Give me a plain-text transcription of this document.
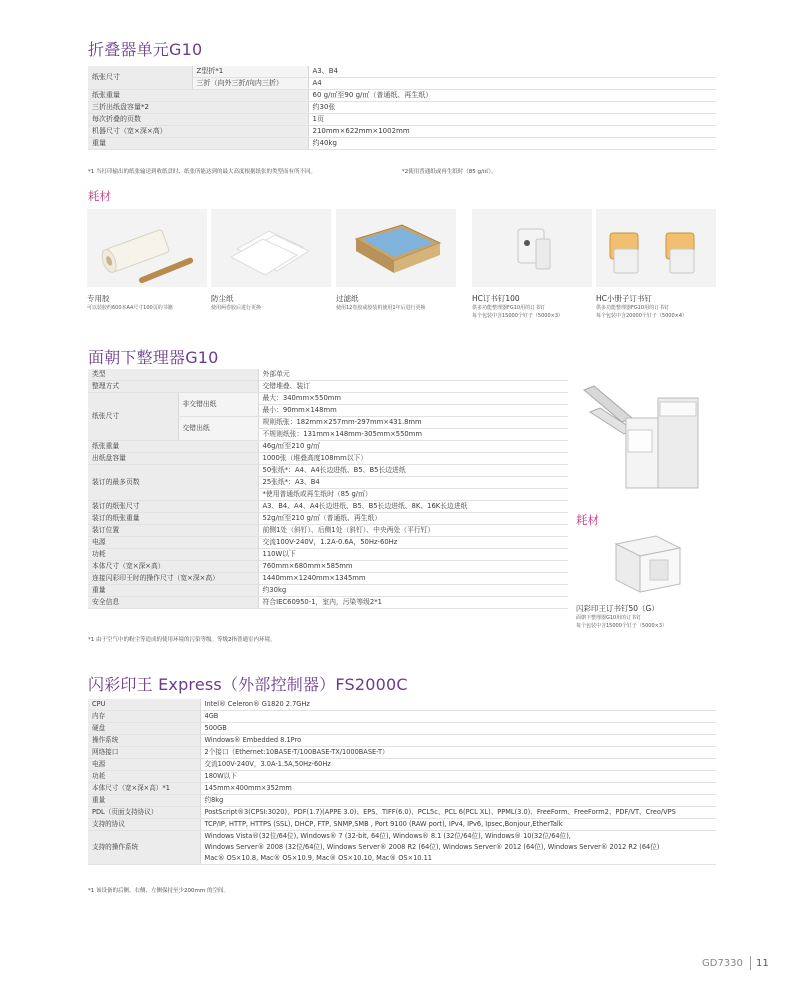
折叠器单元G10
纸张尺寸	Z型折*1	A3、B4
	三折（向外三折/向内三折）	A4
纸张重量		60 g/㎡至90 g/㎡（普通纸、再生纸）
三折出纸盘容量*2		约30张
每次折叠的页数		1页
机器尺寸（宽×深×高）		210mm×622mm×1002mm
重量		约40kg
*1 当打印输出的纸张输送到收纸盘时、纸张所能达到的最大高度根据纸张的类型而有所不同。	*2使用普通纸或再生纸时（85 g/㎡）。
耗材
专用胶
可以装胶约600本A4尺寸100页的书籍
防尘纸
使用两卷胶后进行更换
过滤纸
使用12卷胶或胶装机使用1年后进行更换
HC订书钉100
供多功能整理器FG10用的订书钉
每个包装中含15000个钉子（5000×3）
HC小册子订书钉
供多功能整理器FG10用的订书钉
每个包装中含20000个钉子（5000×4）
面朝下整理器G10
类型		外部单元
整理方式		交错堆叠、装订
纸张尺寸	非交错出纸	最大：340mm×550mm
		最小：90mm×148mm
	交错出纸	规则纸张：182mm×257mm-297mm×431.8mm
		不规则纸张：131mm×148mm-305mm×550mm
纸张重量		46g/㎡至210 g/㎡
出纸盘容量		1000张（堆叠高度108mm以下）
装订的最多页数		50张纸*：A4、A4长边进纸、B5、B5长边进纸
		25张纸*：A3、B4
		*使用普通纸或再生纸时（85 g/㎡）
装订的纸张尺寸		A3、B4、A4、A4长边进纸、B5、B5长边进纸、8K、16K长边进纸
装订的纸张重量		52g/㎡至210 g/㎡（普通纸、再生纸）
装订位置		前侧1处（斜钉）、后侧1处（斜钉）、中央两处（平行钉）
电源		交流100V-240V，1.2A-0.6A，50Hz-60Hz
功耗		110W以下
本体尺寸（宽×深×高）		760mm×680mm×585mm
连接闪彩印王时的操作尺寸（宽×深×高）		1440mm×1240mm×1345mm
重量		约30kg
安全信息		符合IEC60950-1，室内，污染等级2*1
*1 由于空气中的粉尘等造成的使用环境的污染等级。等级2指普通室内环境。
耗材
闪彩印王订书钉50（G）
面朝下整理器G10用的订书钉
每个包装中含15000个钉子（5000×3）
闪彩印王 Express（外部控制器）FS2000C
CPU	Intel® Celeron® G1820 2.7GHz
内存	4GB
硬盘	500GB
操作系统	Windows® Embedded 8.1Pro
网络接口	2个接口（Ethernet:10BASE-T/100BASE-TX/1000BASE-T）
电源	交流100V-240V，3.0A-1.5A,50Hz-60Hz
功耗	180W以下
本体尺寸（宽×深×高）*1	145mm×400mm×352mm
重量	约8kg
PDL（页面支持协议）	PostScript®3(CPSI:3020)、PDF(1.7)(APPE 3.0)、EPS、TIFF(6.0)、PCL5c、PCL 6(PCL XL)、PPML(3.0)、FreeForm、FreeForm2、PDF/VT、Creo/VPS
支持的协议	TCP/IP, HTTP, HTTPS (SSL), DHCP, FTP, SNMP,SMB , Port 9100 (RAW port), IPv4, IPv6, Ipsec,Bonjour,EtherTalk
支持的操作系统	Windows Vista®(32位/64位), Windows® 7 (32-bit, 64位), Windows® 8.1 (32位/64位), Windows® 10(32位/64位),
	Windows Server® 2008 (32位/64位), Windows Server® 2008 R2 (64位), Windows Server® 2012 (64位), Windows Server® 2012 R2 (64位)
	Mac® OS×10.8, Mac® OS×10.9, Mac® OS×10.10, Mac® OS×10.11
*1 该设备的后侧、右侧、左侧保持至少200mm 的空间。
GD7330 11
